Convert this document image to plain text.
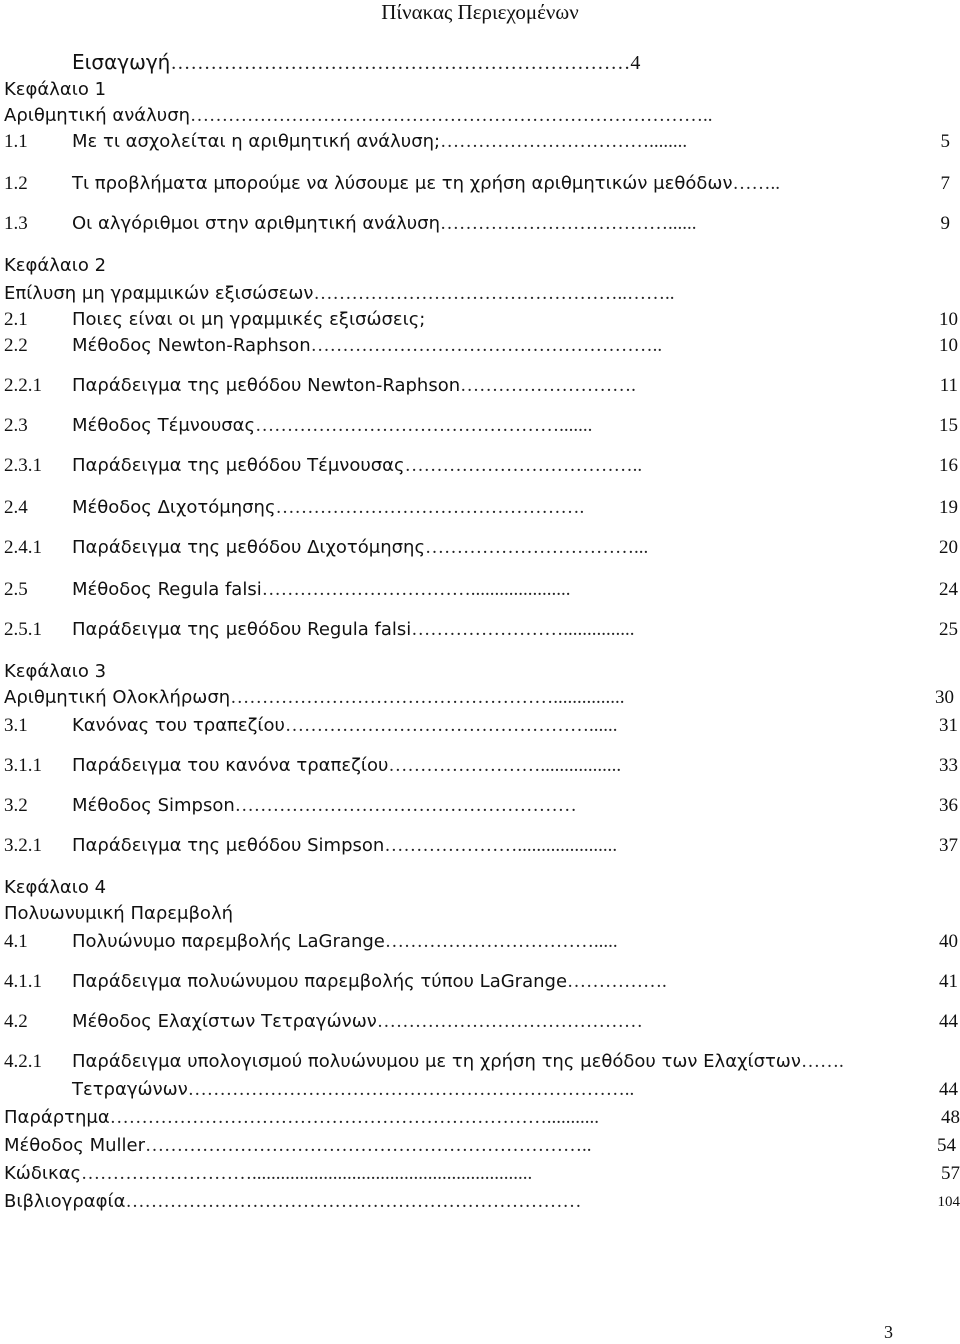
Πίνακας Περιεχομένων
Εισαγωγή……………………………………………………………4
Κεφάλαιο 1
Αριθμητική ανάλυση………………………………………………………………………..
1.1 Με τι ασχολείται η αριθμητική ανάλυση;……………………………........	5
1.2 Τι προβλήματα μπορούμε να λύσουμε με τη χρήση αριθμητικών μεθόδων……..	7
1.3 Οι αλγόριθμοι στην αριθμητική ανάλυση………………………………......	9
Κεφάλαιο 2
Επίλυση μη γραμμικών εξισώσεων…………………………………………..……..
2.1 Ποιες είναι οι μη γραμμικές εξισώσεις;	10
2.2 Μέθοδος Newton-Raphson………………………………………………..	10
2.2.1 Παράδειγμα της μεθόδου Newton-Raphson……………………….	11
2.3 Μέθοδος Τέμνουσας………………………………………….......	15
2.3.1 Παράδειγμα της μεθόδου Τέμνουσας………………………………..	16
2.4 Μέθοδος Διχοτόμησης………………………………………….	19
2.4.1 Παράδειγμα της μεθόδου Διχοτόμησης……………………………...	20
2.5 Μέθοδος Regula falsi…………………………….....................	24
2.5.1 Παράδειγμα της μεθόδου Regula falsi……………………...............	25
Κεφάλαιο 3
Αριθμητική Ολοκλήρωση……………………………………………...............	30
3.1 Κανόνας του τραπεζίου…………………………………………......	31
3.1.1 Παράδειγμα του κανόνα τραπεζίου…………………….................	33
3.2 Μέθοδος Simpson………………………………………………	36
3.2.1 Παράδειγμα της μεθόδου Simpson………………….....................	37
Κεφάλαιο 4
Πολυωνυμική Παρεμβολή
4.1 Πολυώνυμο παρεμβολής LaGrange…………………………….....	40
4.1.1 Παράδειγμα πολυώνυμου παρεμβολής τύπου LaGrange…………….	41
4.2 Μέθοδος Ελαχίστων Τετραγώνων……………………………………	44
4.2.1 Παράδειγμα υπολογισμού πολυώνυμου με τη χρήση της μεθόδου των Ελαχίστων…….
Τετραγώνων……………………………………………………………..	44
Παράρτημα……………………………………………………………...........	48
Μέθοδος Muller……………………………………………………………..	54
Κώδικας………………………...........................................................	57
Βιβλιογραφία………………………………………………………………	104
3
